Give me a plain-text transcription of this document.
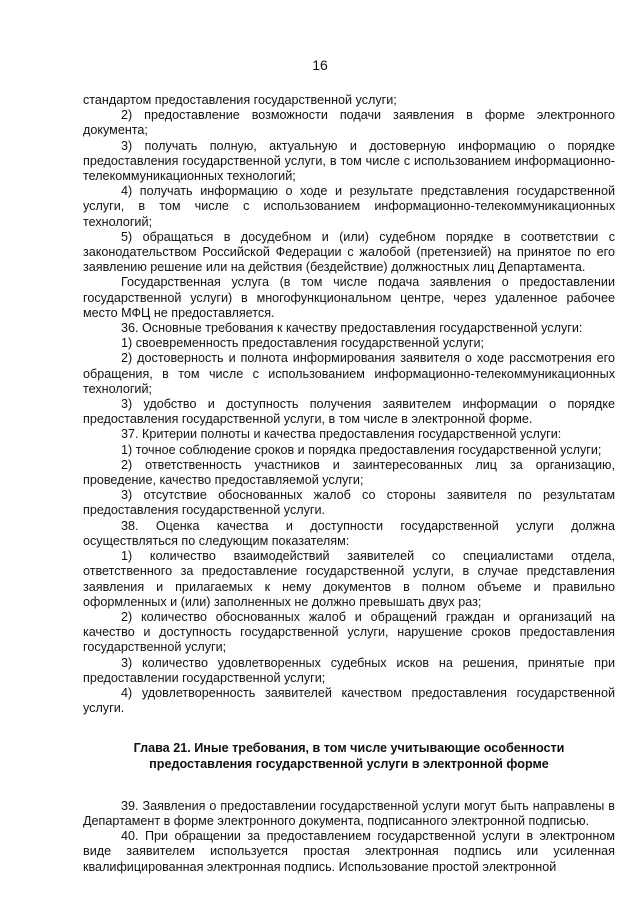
16

стандартом предоставления государственной услуги;

2) предоставление возможности подачи заявления в форме электронного документа;

3) получать полную, актуальную и достоверную информацию о порядке предоставления государственной услуги, в том числе с использованием информационно-телекоммуникационных технологий;

4) получать информацию о ходе и результате представления государственной услуги, в том числе с использованием информационно-телекоммуникационных технологий;

5) обращаться в досудебном и (или) судебном порядке в соответствии с законодательством Российской Федерации с жалобой (претензией) на принятое по его заявлению решение или на действия (бездействие) должностных лиц Департамента.

Государственная услуга (в том числе подача заявления о предоставлении государственной услуги) в многофункциональном центре, через удаленное рабочее место МФЦ не предоставляется.

36. Основные требования к качеству предоставления государственной услуги:

1) своевременность предоставления государственной услуги;

2) достоверность и полнота информирования заявителя о ходе рассмотрения его обращения, в том числе с использованием информационно-телекоммуникационных технологий;

3) удобство и доступность получения заявителем информации о порядке предоставления государственной услуги, в том числе в электронной форме.

37. Критерии полноты и качества предоставления государственной услуги:

1) точное соблюдение сроков и порядка предоставления государственной услуги;

2) ответственность участников и заинтересованных лиц за организацию, проведение, качество предоставляемой услуги;

3) отсутствие обоснованных жалоб со стороны заявителя по результатам предоставления государственной услуги.

38. Оценка качества и доступности государственной услуги должна осуществляться по следующим показателям:

1) количество взаимодействий заявителей со специалистами отдела, ответственного за предоставление государственной услуги, в случае представления заявления и прилагаемых к нему документов в полном объеме и правильно оформленных и (или) заполненных не должно превышать двух раз;

2) количество обоснованных жалоб и обращений граждан и организаций на качество и доступность государственной услуги, нарушение сроков предоставления государственной услуги;

3) количество удовлетворенных судебных исков на решения, принятые при предоставлении государственной услуги;

4) удовлетворенность заявителей качеством предоставления государственной услуги.

Глава 21. Иные требования, в том числе учитывающие особенности предоставления государственной услуги в электронной форме

39. Заявления о предоставлении государственной услуги могут быть направлены в Департамент в форме электронного документа, подписанного электронной подписью.

40. При обращении за предоставлением государственной услуги в электронном виде заявителем используется простая электронная подпись или усиленная квалифицированная электронная подпись. Использование простой электронной
